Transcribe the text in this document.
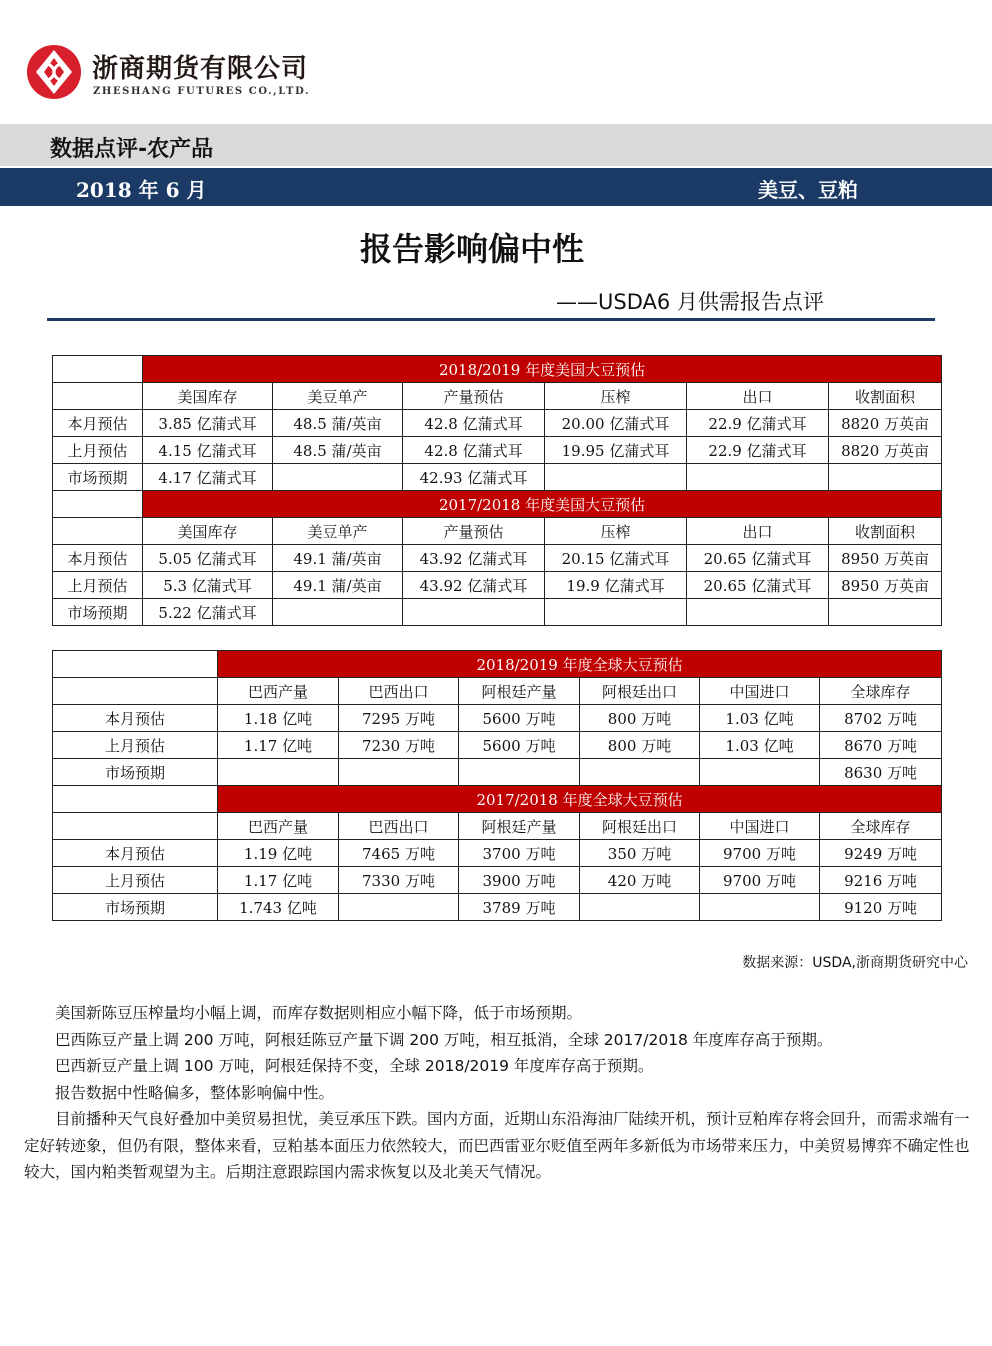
浙商期货有限公司
ZHESHANG FUTURES CO.,LTD.
数据点评-农产品
2018 年 6 月	美豆、豆粕
报告影响偏中性
——USDA6 月供需报告点评
	2018/2019 年度美国大豆预估					
	美国库存	美豆单产	产量预估	压榨	出口	收割面积
本月预估	3.85 亿蒲式耳	48.5 蒲/英亩	42.8 亿蒲式耳	20.00 亿蒲式耳	22.9 亿蒲式耳	8820 万英亩
上月预估	4.15 亿蒲式耳	48.5 蒲/英亩	42.8 亿蒲式耳	19.95 亿蒲式耳	22.9 亿蒲式耳	8820 万英亩
市场预期	4.17 亿蒲式耳		42.93 亿蒲式耳			
	2017/2018 年度美国大豆预估					
	美国库存	美豆单产	产量预估	压榨	出口	收割面积
本月预估	5.05 亿蒲式耳	49.1 蒲/英亩	43.92 亿蒲式耳	20.15 亿蒲式耳	20.65 亿蒲式耳	8950 万英亩
上月预估	5.3 亿蒲式耳	49.1 蒲/英亩	43.92 亿蒲式耳	19.9 亿蒲式耳	20.65 亿蒲式耳	8950 万英亩
市场预期	5.22 亿蒲式耳					
	2018/2019 年度全球大豆预估					
	巴西产量	巴西出口	阿根廷产量	阿根廷出口	中国进口	全球库存
本月预估	1.18 亿吨	7295 万吨	5600 万吨	800 万吨	1.03 亿吨	8702 万吨
上月预估	1.17 亿吨	7230 万吨	5600 万吨	800 万吨	1.03 亿吨	8670 万吨
市场预期						8630 万吨
	2017/2018 年度全球大豆预估					
	巴西产量	巴西出口	阿根廷产量	阿根廷出口	中国进口	全球库存
本月预估	1.19 亿吨	7465 万吨	3700 万吨	350 万吨	9700 万吨	9249 万吨
上月预估	1.17 亿吨	7330 万吨	3900 万吨	420 万吨	9700 万吨	9216 万吨
市场预期	1.743 亿吨		3789 万吨			9120 万吨
数据来源：USDA,浙商期货研究中心

美国新陈豆压榨量均小幅上调，而库存数据则相应小幅下降，低于市场预期。

巴西陈豆产量上调 200 万吨，阿根廷陈豆产量下调 200 万吨，相互抵消，全球 2017/2018 年度库存高于预期。

巴西新豆产量上调 100 万吨，阿根廷保持不变，全球 2018/2019 年度库存高于预期。

报告数据中性略偏多，整体影响偏中性。

目前播种天气良好叠加中美贸易担忧，美豆承压下跌。国内方面，近期山东沿海油厂陆续开机，预计豆粕库存将会回升，而需求端有一定好转迹象，但仍有限，整体来看，豆粕基本面压力依然较大，而巴西雷亚尔贬值至两年多新低为市场带来压力，中美贸易博弈不确定性也较大，国内粕类暂观望为主。后期注意跟踪国内需求恢复以及北美天气情况。
